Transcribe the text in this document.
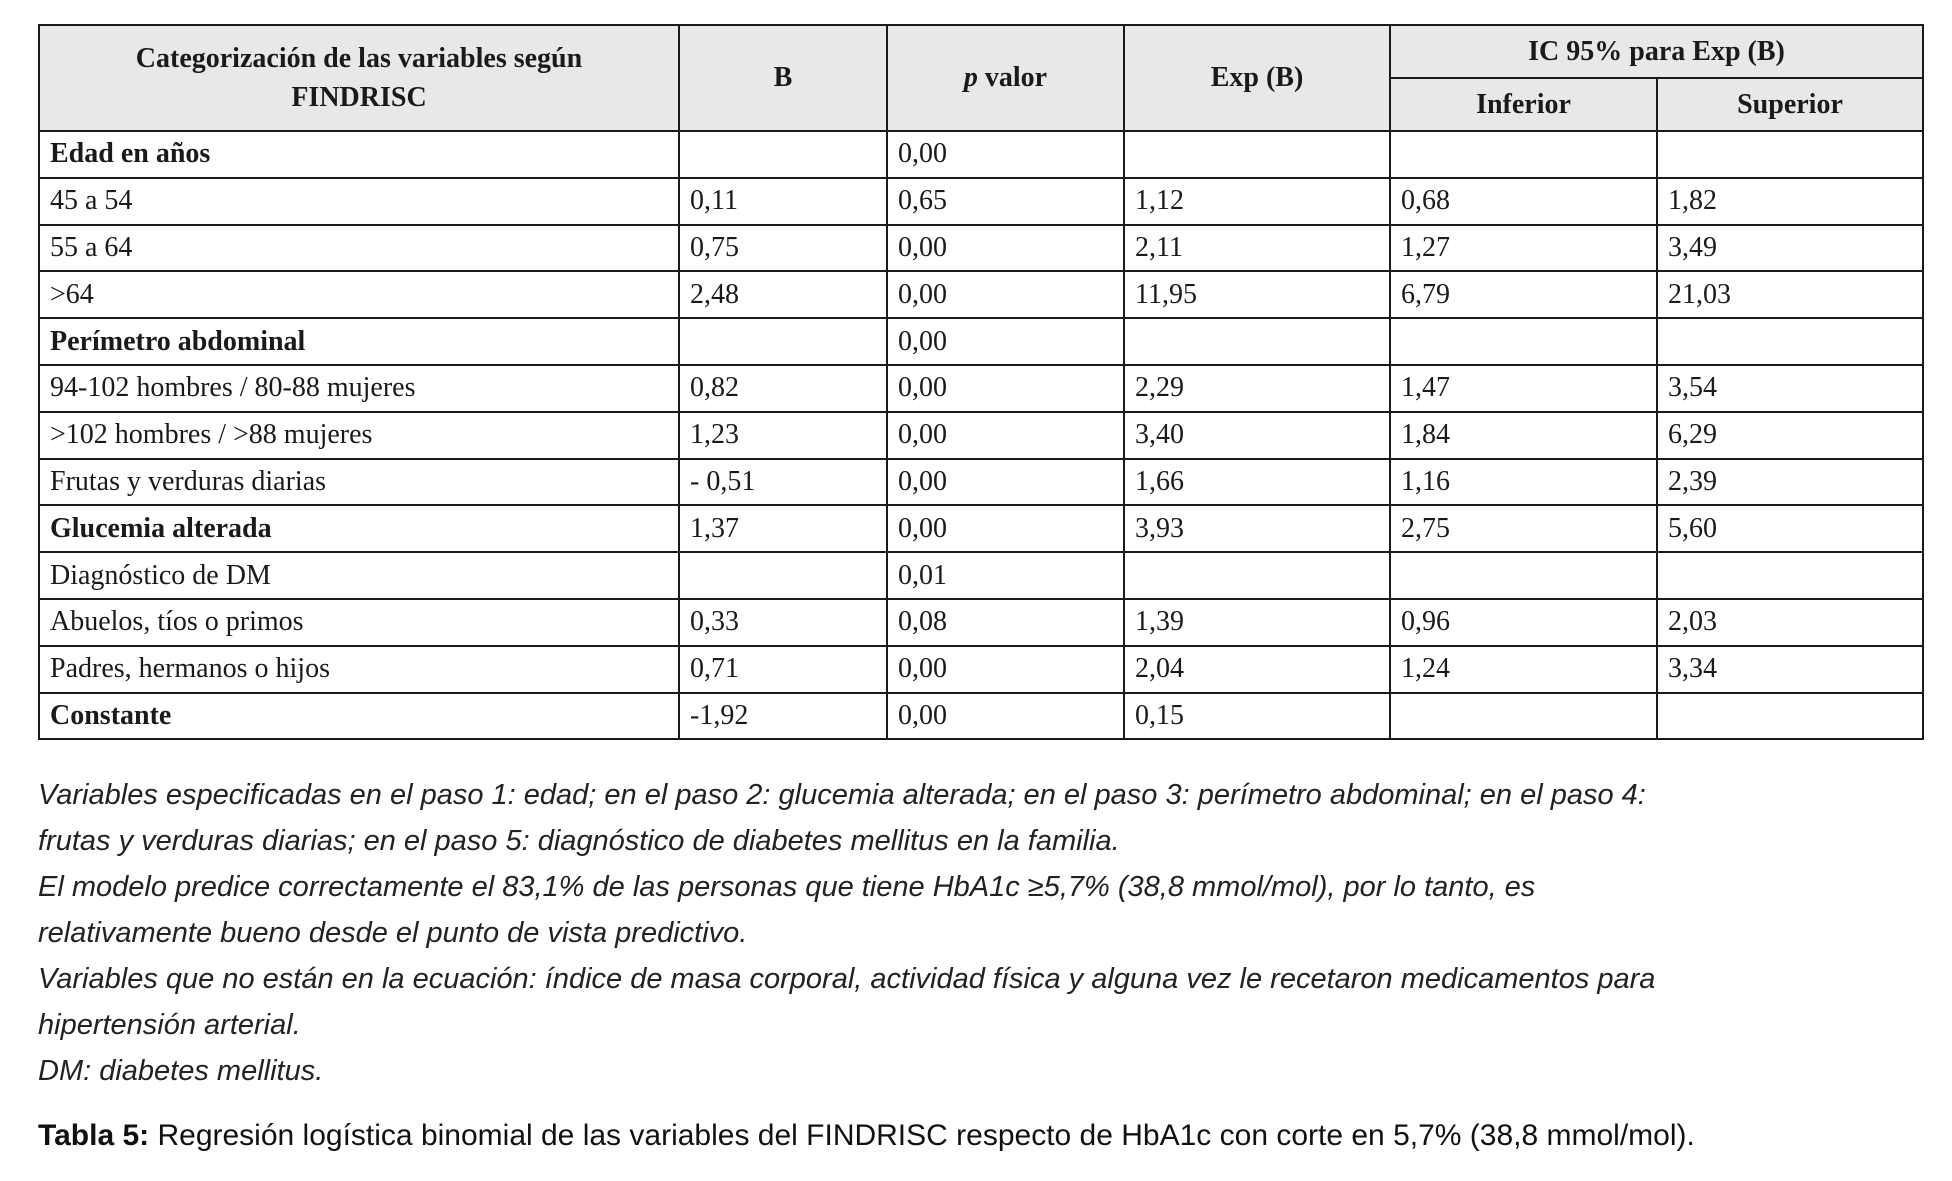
Categorización de las variables según FINDRISC	B	p valor	Exp (B)	IC 95% para Exp (B)	
				Inferior	Superior
Edad en años		0,00			
45 a 54	0,11	0,65	1,12	0,68	1,82
55 a 64	0,75	0,00	2,11	1,27	3,49
>64	2,48	0,00	11,95	6,79	21,03
Perímetro abdominal		0,00			
94-102 hombres / 80-88 mujeres	0,82	0,00	2,29	1,47	3,54
>102 hombres / >88 mujeres	1,23	0,00	3,40	1,84	6,29
Frutas y verduras diarias	- 0,51	0,00	1,66	1,16	2,39
Glucemia alterada	1,37	0,00	3,93	2,75	5,60
Diagnóstico de DM		0,01			
Abuelos, tíos o primos	0,33	0,08	1,39	0,96	2,03
Padres, hermanos o hijos	0,71	0,00	2,04	1,24	3,34
Constante	-1,92	0,00	0,15		

Variables especificadas en el paso 1: edad; en el paso 2: glucemia alterada; en el paso 3: perímetro abdominal; en el paso 4:

frutas y verduras diarias; en el paso 5: diagnóstico de diabetes mellitus en la familia.

El modelo predice correctamente el 83,1% de las personas que tiene HbA1c ≥5,7% (38,8 mmol/mol), por lo tanto, es

relativamente bueno desde el punto de vista predictivo.

Variables que no están en la ecuación: índice de masa corporal, actividad física y alguna vez le recetaron medicamentos para

hipertensión arterial.

DM: diabetes mellitus.

Tabla 5: Regresión logística binomial de las variables del FINDRISC respecto de HbA1c con corte en 5,7% (38,8 mmol/mol).
